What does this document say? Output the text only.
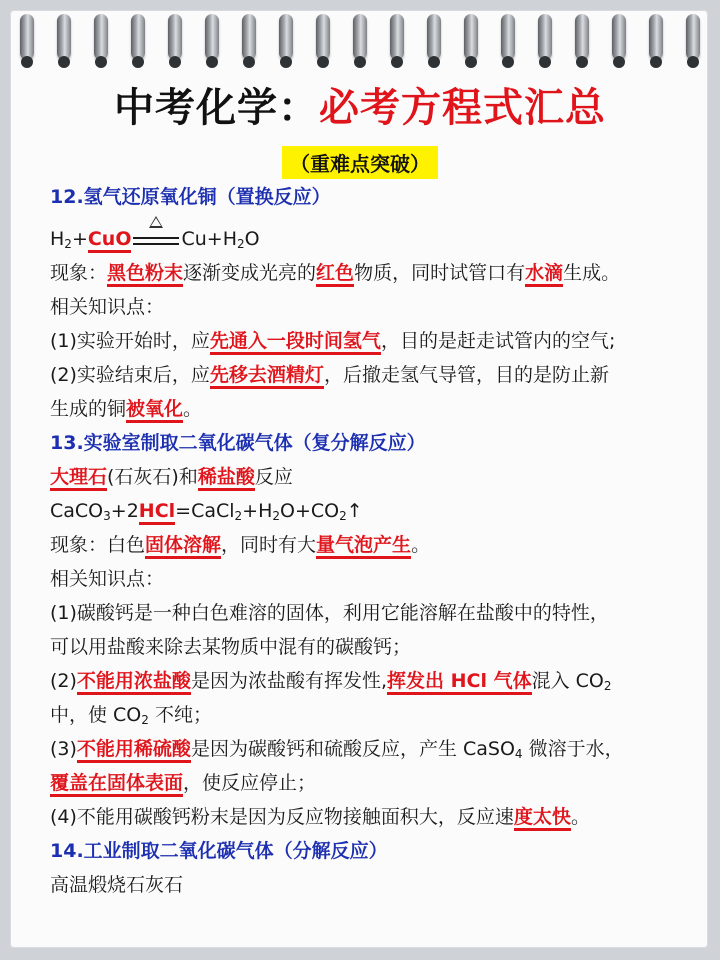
中考化学：必考方程式汇总
（重难点突破）
12.氢气还原氧化铜（置换反应）
$H_2+CuO$	$Cu+H_2O$
现象：黑色粉末逐渐变成光亮的红色物质，同时试管口有水滴生成。
相关知识点：
(1)实验开始时，应先通入一段时间氢气，目的是赶走试管内的空气;
(2)实验结束后，应先移去酒精灯，后撤走氢气导管，目的是防止新
生成的铜被氧化。
13.实验室制取二氧化碳气体（复分解反应）
大理石(石灰石)和稀盐酸反应
$CaCO_3+2HCl=CaCl_2+H_2O+CO_2↑$
现象：白色固体溶解，同时有大量气泡产生。
相关知识点：
(1)碳酸钙是一种白色难溶的固体，利用它能溶解在盐酸中的特性，
可以用盐酸来除去某物质中混有的碳酸钙；
(2)不能用浓盐酸是因为浓盐酸有挥发性,挥发出 HCl 气体混入 $CO_2$
中，使 $CO_2$ 不纯；
(3)不能用稀硫酸是因为碳酸钙和硫酸反应，产生 CaSO$_4$ 微溶于水，
覆盖在固体表面，使反应停止；
(4)不能用碳酸钙粉末是因为反应物接触面积大，反应速度太快。
14.工业制取二氧化碳气体（分解反应）
高温煅烧石灰石
